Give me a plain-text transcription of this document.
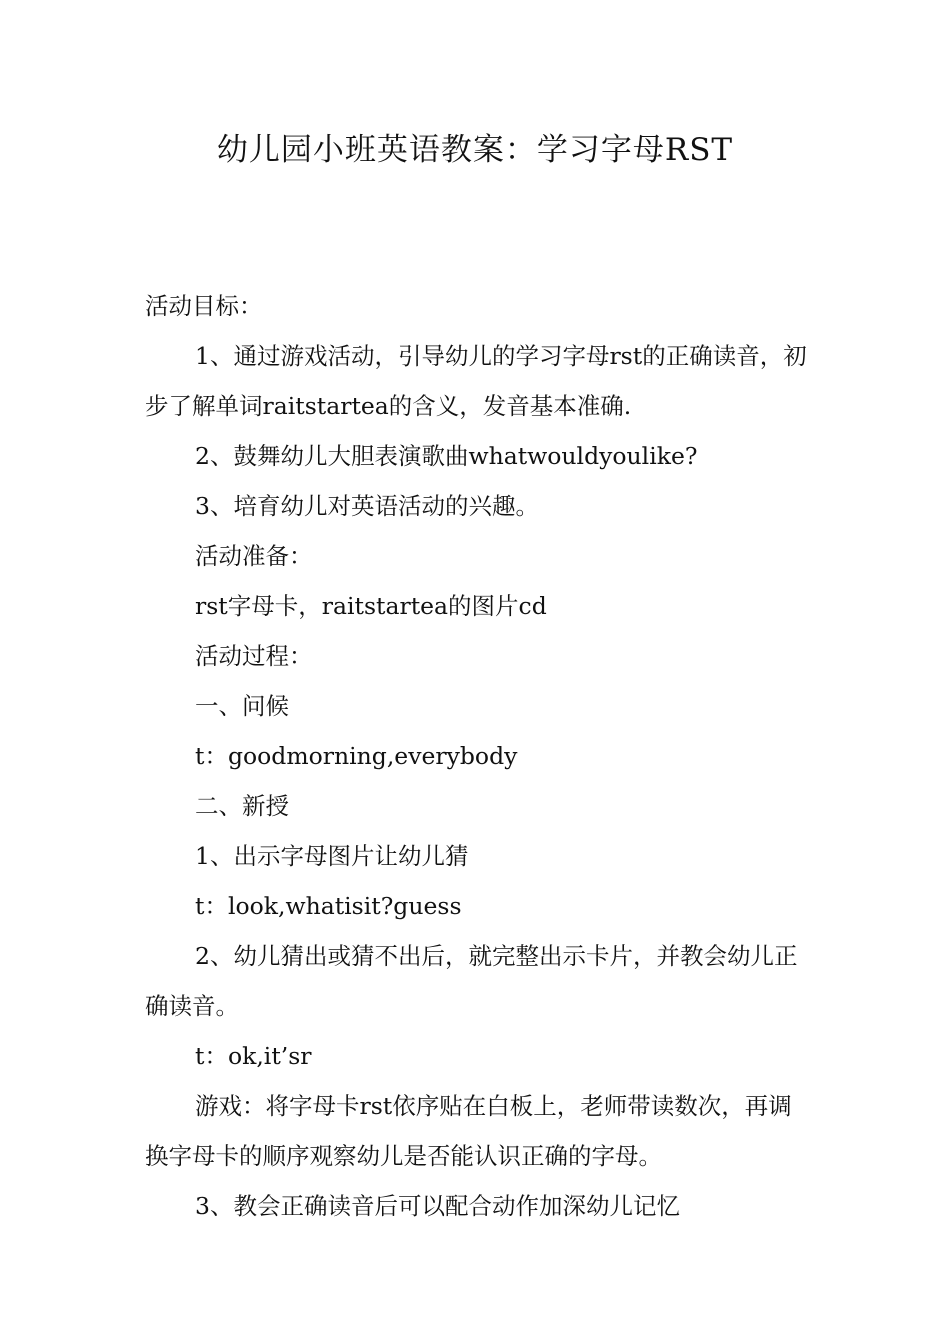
幼儿园小班英语教案：学习字母RST

活动目标：

1、通过游戏活动，引导幼儿的学习字母rst的正确读音，初步了解单词raitstartea的含义，发音基本准确.

2、鼓舞幼儿大胆表演歌曲whatwouldyoulike?

3、培育幼儿对英语活动的兴趣。

活动准备：

rst字母卡，raitstartea的图片cd

活动过程：

一、问候

t：goodmorning,everybody

二、新授

1、出示字母图片让幼儿猜

t：look,whatisit?guess

2、幼儿猜出或猜不出后，就完整出示卡片，并教会幼儿正确读音。

t：ok,it’sr

游戏：将字母卡rst依序贴在白板上，老师带读数次，再调换字母卡的顺序观察幼儿是否能认识正确的字母。

3、教会正确读音后可以配合动作加深幼儿记忆
